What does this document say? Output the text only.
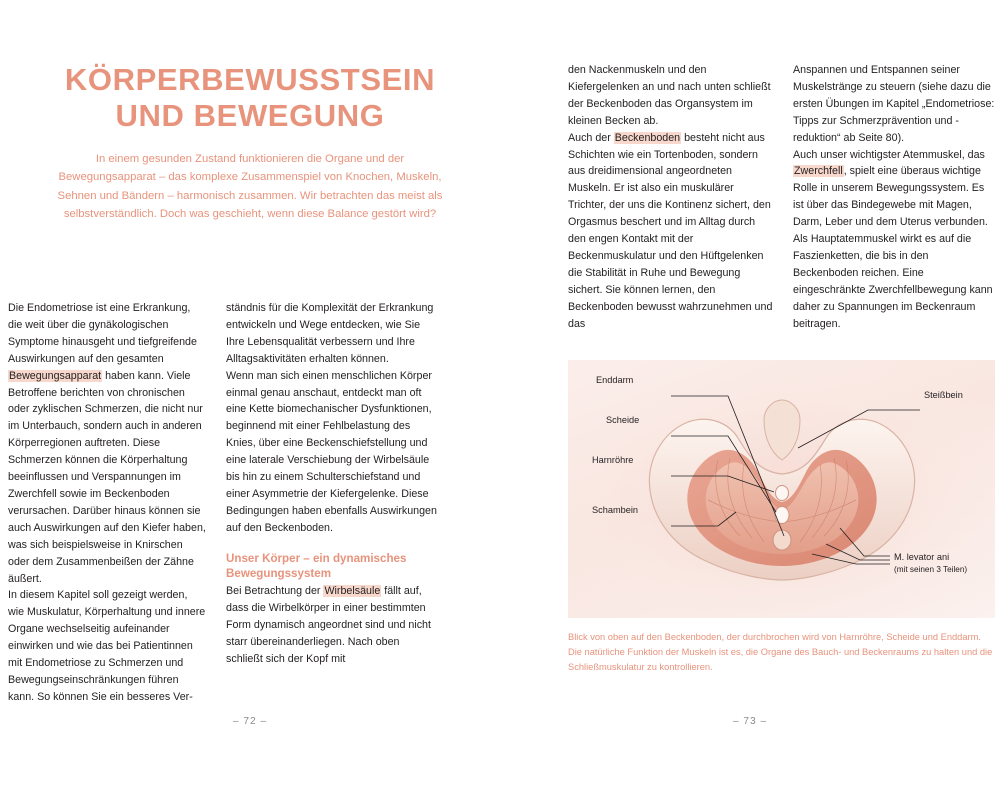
KÖRPERBEWUSSTSEIN
UND BEWEGUNG
In einem gesunden Zustand funktionieren die Organe und der Bewegungsapparat – das komplexe Zusammenspiel von Knochen, Muskeln, Sehnen und Bändern – harmonisch zusammen. Wir betrachten das meist als selbstverständlich. Doch was geschieht, wenn diese Balance gestört wird?

Die Endometriose ist eine Erkrankung, die weit über die gynäkologischen Symptome hinausgeht und tiefgreifende Auswirkungen auf den gesamten Bewegungsapparat haben kann. Viele Betroffene berichten von chronischen oder zyklischen Schmerzen, die nicht nur im Unterbauch, sondern auch in anderen Körperregionen auftreten. Diese Schmerzen können die Körperhaltung beeinflussen und Verspannungen im Zwerchfell sowie im Beckenboden verursachen. Darüber hinaus können sie auch Auswirkungen auf den Kiefer haben, was sich beispielsweise in Knirschen oder dem Zusammenbeißen der Zähne äußert.

In diesem Kapitel soll gezeigt werden, wie Muskulatur, Körperhaltung und innere Organe wechselseitig aufeinander einwirken und wie das bei Patientinnen mit Endometriose zu Schmerzen und Bewegungseinschränkungen führen kann. So können Sie ein besseres Ver-

ständnis für die Komplexität der Erkrankung entwickeln und Wege entdecken, wie Sie Ihre Lebensqualität verbessern und Ihre Alltagsaktivitäten erhalten können.

Wenn man sich einen menschlichen Körper einmal genau anschaut, entdeckt man oft eine Kette biomechanischer Dysfunktionen, beginnend mit einer Fehlbelastung des Knies, über eine Beckenschiefstellung und eine laterale Verschiebung der Wirbelsäule bis hin zu einem Schulterschiefstand und einer Asymmetrie der Kiefergelenke. Diese Bedingungen haben ebenfalls Auswirkungen auf den Beckenboden.

Unser Körper – ein dynamisches Bewegungssystem

Bei Betrachtung der Wirbelsäule fällt auf, dass die Wirbelkörper in einer bestimmten Form dynamisch angeordnet sind und nicht starr übereinanderliegen. Nach oben schließt sich der Kopf mit

– 72 –	– 73 –

den Nackenmuskeln und den Kiefergelenken an und nach unten schließt der Beckenboden das Organsystem im kleinen Becken ab.

Auch der Beckenboden besteht nicht aus Schichten wie ein Tortenboden, sondern aus dreidimensional angeordneten Muskeln. Er ist also ein muskulärer Trichter, der uns die Kontinenz sichert, den Orgasmus beschert und im Alltag durch den engen Kontakt mit der Beckenmuskulatur und den Hüftgelenken die Stabilität in Ruhe und Bewegung sichert. Sie können lernen, den Beckenboden bewusst wahrzunehmen und das

Anspannen und Entspannen seiner Muskelstränge zu steuern (siehe dazu die ersten Übungen im Kapitel „Endometriose: Tipps zur Schmerzprävention und -reduktion“ ab Seite 80).

Auch unser wichtigster Atemmuskel, das Zwerchfell, spielt eine überaus wichtige Rolle in unserem Bewegungssystem. Es ist über das Bindegewebe mit Magen, Darm, Leber und dem Uterus verbunden. Als Hauptatemmuskel wirkt es auf die Faszienketten, die bis in den Beckenboden reichen. Eine eingeschränkte Zwerchfellbewegung kann daher zu Spannungen im Beckenraum beitragen.

Enddarm
Scheide
Harnröhre
Schambein
Steißbein
M. levator ani
(mit seinen 3 Teilen)
Blick von oben auf den Beckenboden, der durchbrochen wird von Harnröhre, Scheide und Enddarm. Die natürliche Funktion der Muskeln ist es, die Organe des Bauch- und Beckenraums zu halten und die Schließmuskulatur zu kontrollieren.
